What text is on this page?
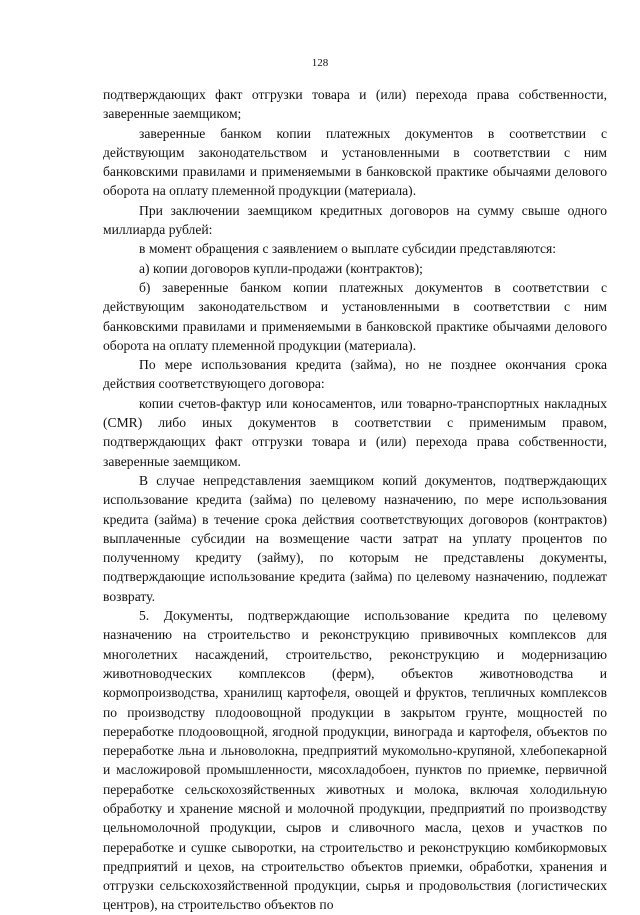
128

подтверждающих факт отгрузки товара и (или) перехода права собственности, заверенные заемщиком;

заверенные банком копии платежных документов в соответствии с действующим законодательством и установленными в соответствии с ним банковскими правилами и применяемыми в банковской практике обычаями делового оборота на оплату племенной продукции (материала).

При заключении заемщиком кредитных договоров на сумму свыше одного миллиарда рублей:

в момент обращения с заявлением о выплате субсидии представляются:

а) копии договоров купли-продажи (контрактов);

б) заверенные банком копии платежных документов в соответствии с действующим законодательством и установленными в соответствии с ним банковскими правилами и применяемыми в банковской практике обычаями делового оборота на оплату племенной продукции (материала).

По мере использования кредита (займа), но не позднее окончания срока действия соответствующего договора:

копии счетов-фактур или коносаментов, или товарно-транспортных накладных (CMR) либо иных документов в соответствии с применимым правом, подтверждающих факт отгрузки товара и (или) перехода права собственности, заверенные заемщиком.

В случае непредставления заемщиком копий документов, подтверждающих использование кредита (займа) по целевому назначению, по мере использования кредита (займа) в течение срока действия соответствующих договоров (контрактов) выплаченные субсидии на возмещение части затрат на уплату процентов по полученному кредиту (займу), по которым не представлены документы, подтверждающие использование кредита (займа) по целевому назначению, подлежат возврату.

5. Документы, подтверждающие использование кредита по целевому назначению на строительство и реконструкцию прививочных комплексов для многолетних насаждений, строительство, реконструкцию и модернизацию животноводческих комплексов (ферм), объектов животноводства и кормопроизводства, хранилищ картофеля, овощей и фруктов, тепличных комплексов по производству плодоовощной продукции в закрытом грунте, мощностей по переработке плодоовощной, ягодной продукции, винограда и картофеля, объектов по переработке льна и льноволокна, предприятий мукомольно-крупяной, хлебопекарной и масложировой промышленности, мясохладобоен, пунктов по приемке, первичной переработке сельскохозяйственных животных и молока, включая холодильную обработку и хранение мясной и молочной продукции, предприятий по производству цельномолочной продукции, сыров и сливочного масла, цехов и участков по переработке и сушке сыворотки, на строительство и реконструкцию комбикормовых предприятий и цехов, на строительство объектов приемки, обработки, хранения и отгрузки сельскохозяйственной продукции, сырья и продовольствия (логистических центров), на строительство объектов по
